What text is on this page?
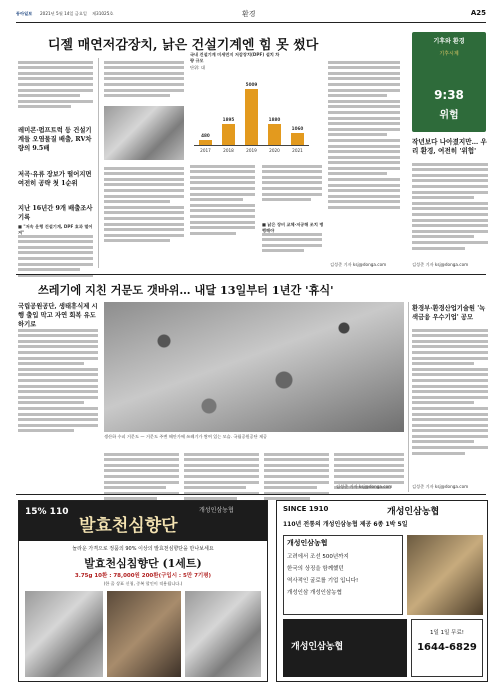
동아일보 2021년 5월 14일 금요일 제31025호	환경	A25
디젤 매연저감장치, 낡은 건설기계엔 힘 못 썼다
레미콘·펌프트럭 등 건설기계들 오염물질 배출, RV차량의 9.5배
저곡·유류 장보가 떨어지면 여전히 공략 첫 1순위
지난 16년간 9개 배출조사 기록
■ "저속 운행 건설기계, DPF 효과 떨어져"
국내 건설기계 미세먼지 저감장치(DPF) 설치 차량 규모
단위: 대
480
1895
5009
1880
1060
2017	2018	2019	2020	2021
■ 낡은 장비 교체·저공해 조치 병행해야
김성준 기자 ksj@donga.com
기후와 환경
기후시계
9:38
위험
작년보다 나아졌지만… 우리 환경, 여전히 '위험'
김성준 기자 ksj@donga.com
쓰레기에 지친 거문도 갯바위… 내달 13일부터 1년간 '휴식'
국립공원공단, 생태휴식제 시행 출입 막고 자연 회복 유도하기로
생산하 수피 거문도 — 거문도 주변 해안가에 쓰레기가 쌓여 있는 모습. 국립공원공단 제공
김성준 기자 ksj@donga.com
환경부·환경산업기술원 '녹색금융 우수기업' 공모
김성준 기자 ksj@donga.com
15% 110
발효천심향단
개성인삼농협
놀라운 가격으로 정품의 90% 이상의 발효천심향단을 만나보세요
발효천심침향단 (1세트)
3.75g 10환 : 78,000원 200환(구입시 : 5만 7기평)
(한 줄 상표 신청, 중복 할인이 적용됩니다.)
SINCE 1910	개성인삼농협
110년 전통의 개성인삼농협 제공 6종 1박 5일
개성인삼농협
고려에서 조선 500년까지
한국의 상징을 함께했던
역사적인 굴로를 기업 입니다!
개성인삼 개성인삼농협
개성인삼농협
1일 1일 무료!
1644-6829
